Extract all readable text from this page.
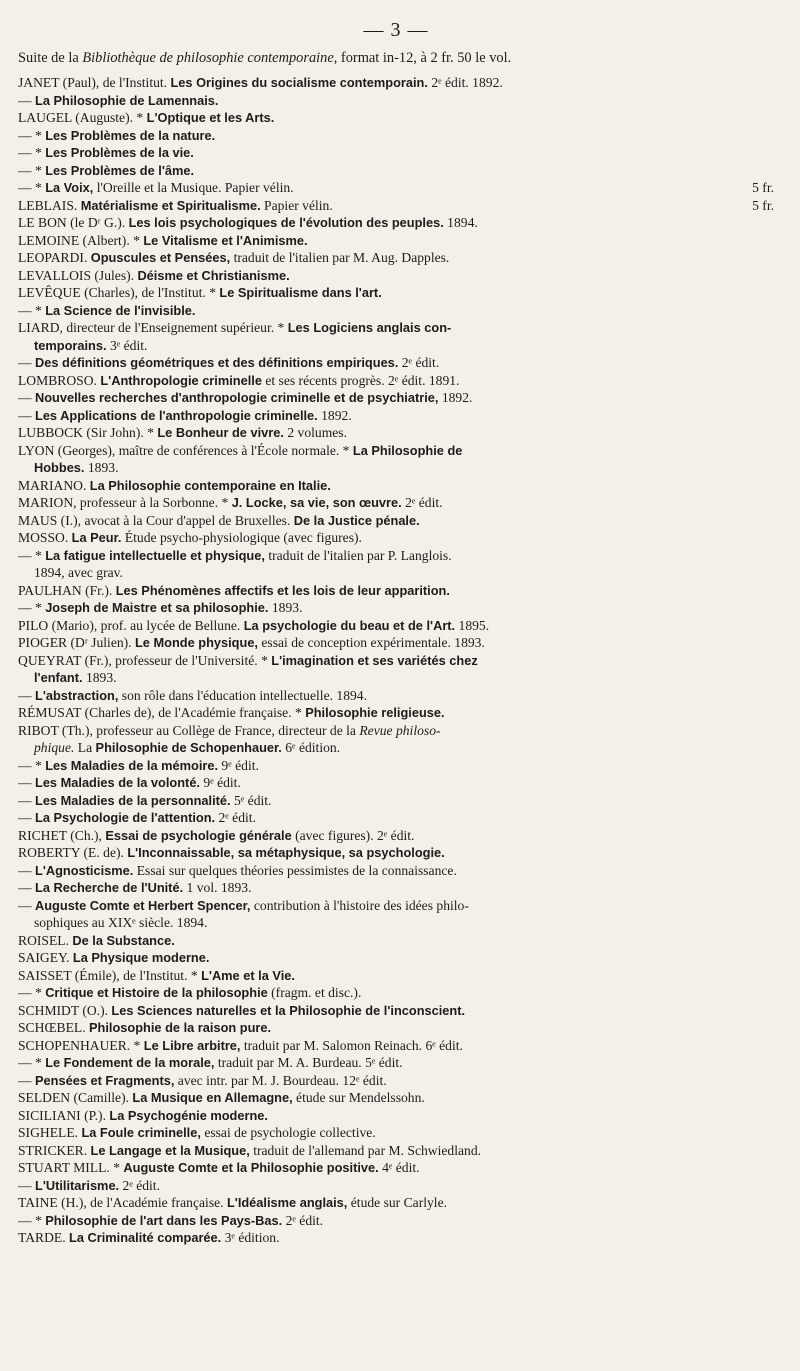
— 3 —
Suite de la Bibliothèque de philosophie contemporaine, format in-12, à 2 fr. 50 le vol.
JANET (Paul), de l'Institut. Les Origines du socialisme contemporain. 2ᵉ édit. 1892.
— La Philosophie de Lamennais.
LAUGEL (Auguste). * L'Optique et les Arts.
— * Les Problèmes de la nature.
— * Les Problèmes de la vie.
— * Les Problèmes de l'âme.
— * La Voix, l'Oreille et la Musique. Papier vélin.	5 fr.
LEBLAIS. Matérialisme et Spiritualisme. Papier vélin.	5 fr.
LE BON (le Dʳ G.). Les lois psychologiques de l'évolution des peuples. 1894.
LEMOINE (Albert). * Le Vitalisme et l'Animisme.
LEOPARDI. Opuscules et Pensées, traduit de l'italien par M. Aug. Dapples.
LEVALLOIS (Jules). Déisme et Christianisme.
LEVÊQUE (Charles), de l'Institut. * Le Spiritualisme dans l'art.
— * La Science de l'invisible.
LIARD, directeur de l'Enseignement supérieur. * Les Logiciens anglais con-
temporains. 3ᵉ édit.
— Des définitions géométriques et des définitions empiriques. 2ᵉ édit.
LOMBROSO. L'Anthropologie criminelle et ses récents progrès. 2ᵉ édit. 1891.
— Nouvelles recherches d'anthropologie criminelle et de psychiatrie, 1892.
— Les Applications de l'anthropologie criminelle. 1892.
LUBBOCK (Sir John). * Le Bonheur de vivre. 2 volumes.
LYON (Georges), maître de conférences à l'École normale. * La Philosophie de
Hobbes. 1893.
MARIANO. La Philosophie contemporaine en Italie.
MARION, professeur à la Sorbonne. * J. Locke, sa vie, son œuvre. 2ᵉ édit.
MAUS (I.), avocat à la Cour d'appel de Bruxelles. De la Justice pénale.
MOSSO. La Peur. Étude psycho-physiologique (avec figures).
— * La fatigue intellectuelle et physique, traduit de l'italien par P. Langlois.
1894, avec grav.
PAULHAN (Fr.). Les Phénomènes affectifs et les lois de leur apparition.
— * Joseph de Maistre et sa philosophie. 1893.
PILO (Mario), prof. au lycée de Bellune. La psychologie du beau et de l'Art. 1895.
PIOGER (Dʳ Julien). Le Monde physique, essai de conception expérimentale. 1893.
QUEYRAT (Fr.), professeur de l'Université. * L'imagination et ses variétés chez
l'enfant. 1893.
— L'abstraction, son rôle dans l'éducation intellectuelle. 1894.
RÉMUSAT (Charles de), de l'Académie française. * Philosophie religieuse.
RIBOT (Th.), professeur au Collège de France, directeur de la Revue philoso-
phique. La Philosophie de Schopenhauer. 6ᵉ édition.
— * Les Maladies de la mémoire. 9ᵉ édit.
— Les Maladies de la volonté. 9ᵉ édit.
— Les Maladies de la personnalité. 5ᵉ édit.
— La Psychologie de l'attention. 2ᵉ édit.
RICHET (Ch.), Essai de psychologie générale (avec figures). 2ᵉ édit.
ROBERTY (E. de). L'Inconnaissable, sa métaphysique, sa psychologie.
— L'Agnosticisme. Essai sur quelques théories pessimistes de la connaissance.
— La Recherche de l'Unité. 1 vol. 1893.
— Auguste Comte et Herbert Spencer, contribution à l'histoire des idées philo-
sophiques au XIXᵉ siècle. 1894.
ROISEL. De la Substance.
SAIGEY. La Physique moderne.
SAISSET (Émile), de l'Institut. * L'Ame et la Vie.
— * Critique et Histoire de la philosophie (fragm. et disc.).
SCHMIDT (O.). Les Sciences naturelles et la Philosophie de l'inconscient.
SCHŒBEL. Philosophie de la raison pure.
SCHOPENHAUER. * Le Libre arbitre, traduit par M. Salomon Reinach. 6ᵉ édit.
— * Le Fondement de la morale, traduit par M. A. Burdeau. 5ᵉ édit.
— Pensées et Fragments, avec intr. par M. J. Bourdeau. 12ᵉ édit.
SELDEN (Camille). La Musique en Allemagne, étude sur Mendelssohn.
SICILIANI (P.). La Psychogénie moderne.
SIGHELE. La Foule criminelle, essai de psychologie collective.
STRICKER. Le Langage et la Musique, traduit de l'allemand par M. Schwiedland.
STUART MILL. * Auguste Comte et la Philosophie positive. 4ᵉ édit.
— L'Utilitarisme. 2ᵉ édit.
TAINE (H.), de l'Académie française. L'Idéalisme anglais, étude sur Carlyle.
— * Philosophie de l'art dans les Pays-Bas. 2ᵉ édit.
TARDE. La Criminalité comparée. 3ᵉ édition.
